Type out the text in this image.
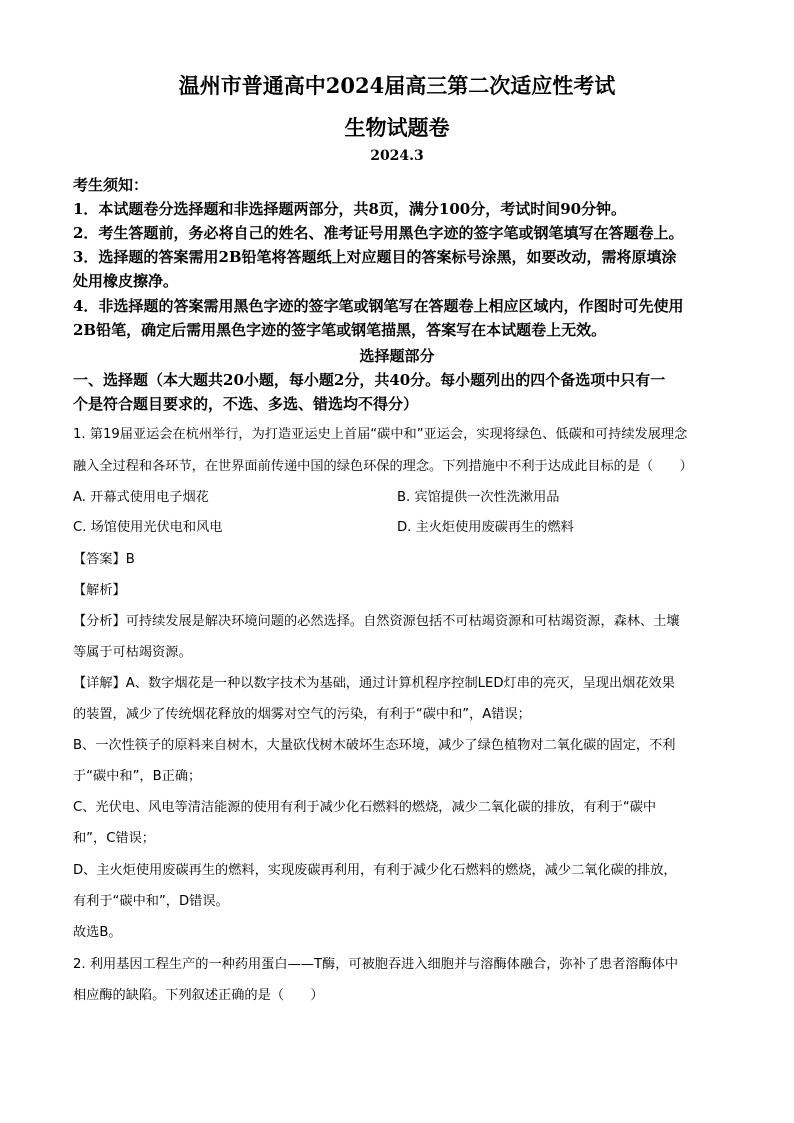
温州市普通高中2024届高三第二次适应性考试
生物试题卷
2024.3
考生须知：
1．本试题卷分选择题和非选择题两部分，共8页，满分100分，考试时间90分钟。
2．考生答题前，务必将自己的姓名、准考证号用黑色字迹的签字笔或钢笔填写在答题卷上。
3．选择题的答案需用2B铅笔将答题纸上对应题目的答案标号涂黑，如要改动，需将原填涂
处用橡皮擦净。
4．非选择题的答案需用黑色字迹的签字笔或钢笔写在答题卷上相应区域内，作图时可先使用
2B铅笔，确定后需用黑色字迹的签字笔或钢笔描黑，答案写在本试题卷上无效。
选择题部分
一、选择题（本大题共20小题，每小题2分，共40分。每小题列出的四个备选项中只有一
个是符合题目要求的，不选、多选、错选均不得分）
1. 第19届亚运会在杭州举行，为打造亚运史上首届“碳中和”亚运会，实现将绿色、低碳和可持续发展理念
融入全过程和各环节，在世界面前传递中国的绿色环保的理念。下列措施中不利于达成此目标的是（　　）
A. 开幕式使用电子烟花	B. 宾馆提供一次性洗漱用品
C. 场馆使用光伏电和风电	D. 主火炬使用废碳再生的燃料
【答案】B
【解析】
【分析】可持续发展是解决环境问题的必然选择。自然资源包括不可枯竭资源和可枯竭资源，森林、土壤
等属于可枯竭资源。
【详解】A、数字烟花是一种以数字技术为基础，通过计算机程序控制LED灯串的亮灭，呈现出烟花效果
的装置，减少了传统烟花释放的烟雾对空气的污染，有利于“碳中和”，A错误；
B、一次性筷子的原料来自树木，大量砍伐树木破坏生态环境，减少了绿色植物对二氧化碳的固定，不利
于“碳中和”，B正确；
C、光伏电、风电等清洁能源的使用有利于减少化石燃料的燃烧，减少二氧化碳的排放，有利于“碳中
和”，C错误；
D、主火炬使用废碳再生的燃料，实现废碳再利用，有利于减少化石燃料的燃烧，减少二氧化碳的排放，
有利于“碳中和”，D错误。
故选B。
2. 利用基因工程生产的一种药用蛋白——T酶，可被胞吞进入细胞并与溶酶体融合，弥补了患者溶酶体中
相应酶的缺陷。下列叙述正确的是（　　）
